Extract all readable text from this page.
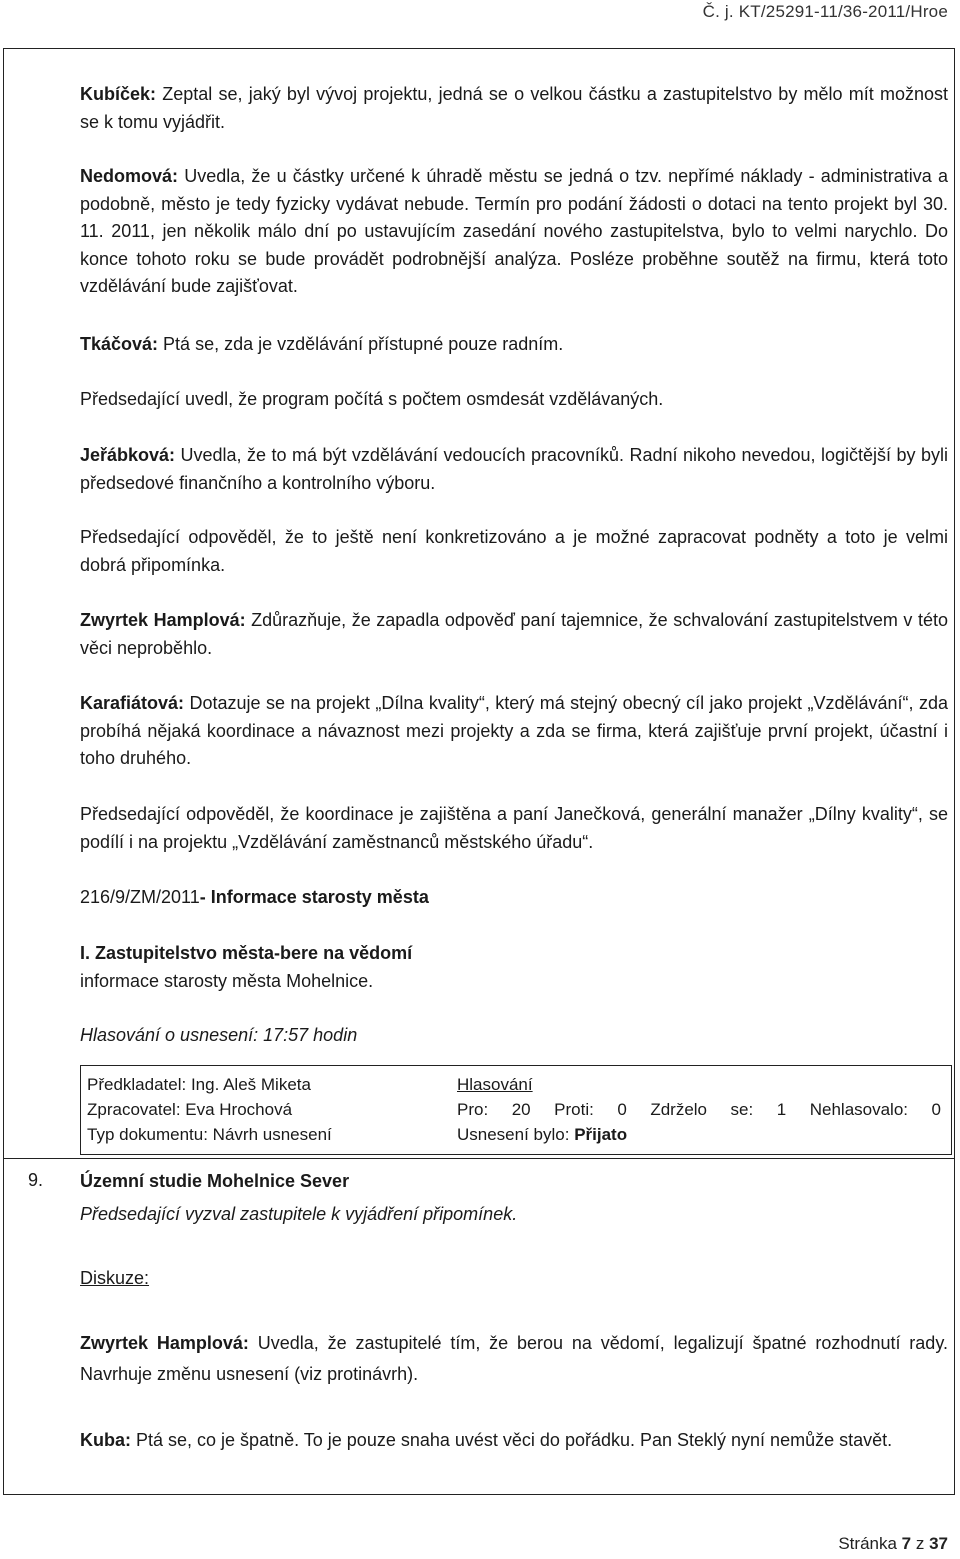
Č. j. KT/25291-11/36-2011/Hroe

Kubíček: Zeptal se, jaký byl vývoj projektu, jedná se o velkou částku a zastupitelstvo by mělo mít možnost se k tomu vyjádřit.

Nedomová: Uvedla, že u částky určené k úhradě městu se jedná o tzv. nepřímé náklady - administrativa a podobně, město je tedy fyzicky vydávat nebude. Termín pro podání žádosti o dotaci na tento projekt byl 30. 11. 2011, jen několik málo dní po ustavujícím zasedání nového zastupitelstva, bylo to velmi narychlo. Do konce tohoto roku se bude provádět podrobnější analýza. Posléze proběhne soutěž na firmu, která toto vzdělávání bude zajišťovat.

Tkáčová: Ptá se, zda je vzdělávání přístupné pouze radním.

Předsedající uvedl, že program počítá s počtem osmdesát vzdělávaných.

Jeřábková: Uvedla, že to má být vzdělávání vedoucích pracovníků. Radní nikoho nevedou, logičtější by byli předsedové finančního a kontrolního výboru.

Předsedající odpověděl, že to ještě není konkretizováno a je možné zapracovat podněty a toto je velmi dobrá připomínka.

Zwyrtek Hamplová: Zdůrazňuje, že zapadla odpověď paní tajemnice, že schvalování zastupitelstvem v této věci neproběhlo.

Karafiátová: Dotazuje se na projekt „Dílna kvality“, který má stejný obecný cíl jako projekt „Vzdělávání“, zda probíhá nějaká koordinace a návaznost mezi projekty a zda se firma, která zajišťuje první projekt, účastní i toho druhého.

Předsedající odpověděl, že koordinace je zajištěna a paní Janečková, generální manažer „Dílny kvality“, se podílí i na projektu „Vzdělávání zaměstnanců městského úřadu“.

216/9/ZM/2011- Informace starosty města

I. Zastupitelstvo města-bere na vědomí

informace starosty města Mohelnice.

Hlasování o usnesení: 17:57 hodin
Předkladatel: Ing. Aleš Miketa
Zpracovatel: Eva Hrochová
Typ dokumentu: Návrh usnesení
Hlasování
Pro: 20 Proti: 0 Zdrželo se: 1 Nehlasovalo: 0
Usnesení bylo: Přijato
9. Územní studie Mohelnice Sever
Předsedající vyzval zastupitele k vyjádření připomínek.
Diskuze:

Zwyrtek Hamplová: Uvedla, že zastupitelé tím, že berou na vědomí, legalizují špatné rozhodnutí rady. Navrhuje změnu usnesení (viz protinávrh).

Kuba: Ptá se, co je špatně. To je pouze snaha uvést věci do pořádku. Pan Steklý nyní nemůže stavět.

Stránka 7 z 37
